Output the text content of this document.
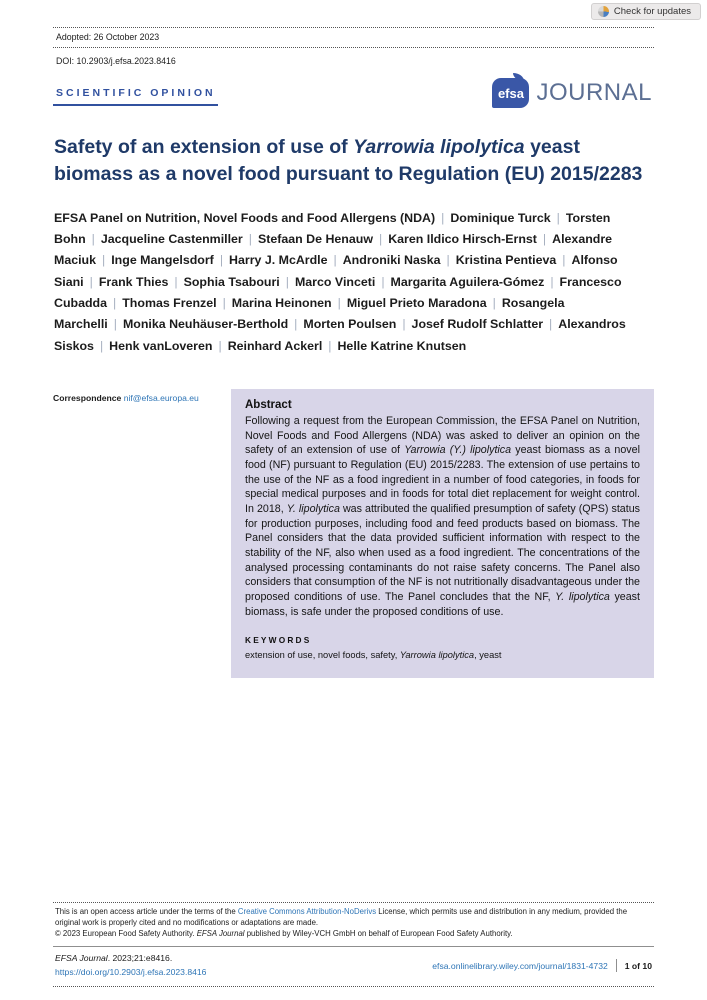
Check for updates
Adopted: 26 October 2023
DOI: 10.2903/j.efsa.2023.8416
SCIENTIFIC OPINION	efsa JOURNAL
Safety of an extension of use of Yarrowia lipolytica yeast
biomass as a novel food pursuant to Regulation (EU) 2015/2283
EFSA Panel on Nutrition, Novel Foods and Food Allergens (NDA) | Dominique Turck | Torsten Bohn | Jacqueline Castenmiller | Stefaan De Henauw | Karen Ildico Hirsch-Ernst | Alexandre Maciuk | Inge Mangelsdorf | Harry J. McArdle | Androniki Naska | Kristina Pentieva | Alfonso Siani | Frank Thies | Sophia Tsabouri | Marco Vinceti | Margarita Aguilera-Gómez | Francesco Cubadda | Thomas Frenzel | Marina Heinonen | Miguel Prieto Maradona | Rosangela Marchelli | Monika Neuhäuser-Berthold | Morten Poulsen | Josef Rudolf Schlatter | Alexandros Siskos | Henk vanLoveren | Reinhard Ackerl | Helle Katrine Knutsen
Correspondence nif@efsa.europa.eu
Abstract

Following a request from the European Commission, the EFSA Panel on Nutrition, Novel Foods and Food Allergens (NDA) was asked to deliver an opinion on the safety of an extension of use of Yarrowia (Y.) lipolytica yeast biomass as a novel food (NF) pursuant to Regulation (EU) 2015/2283. The extension of use pertains to the use of the NF as a food ingredient in a number of food categories, in foods for special medical purposes and in foods for total diet replacement for weight control. In 2018, Y. lipolytica was attributed the qualified presumption of safety (QPS) status for production purposes, including food and feed products based on biomass. The Panel considers that the data provided sufficient information with respect to the stability of the NF, also when used as a food ingredient. The concentrations of the analysed processing contaminants do not raise safety concerns. The Panel also considers that consumption of the NF is not nutritionally disadvantageous under the proposed conditions of use. The Panel concludes that the NF, Y. lipolytica yeast biomass, is safe under the proposed conditions of use.

KEYWORDS

extension of use, novel foods, safety, Yarrowia lipolytica, yeast

This is an open access article under the terms of the Creative Commons Attribution-NoDerivs License, which permits use and distribution in any medium, provided the original work is properly cited and no modifications or adaptations are made.

© 2023 European Food Safety Authority. EFSA Journal published by Wiley-VCH GmbH on behalf of European Food Safety Authority.

EFSA Journal. 2023;21:e8416.
https://doi.org/10.2903/j.efsa.2023.8416
efsa.onlinelibrary.wiley.com/journal/1831-4732 1 of 10
